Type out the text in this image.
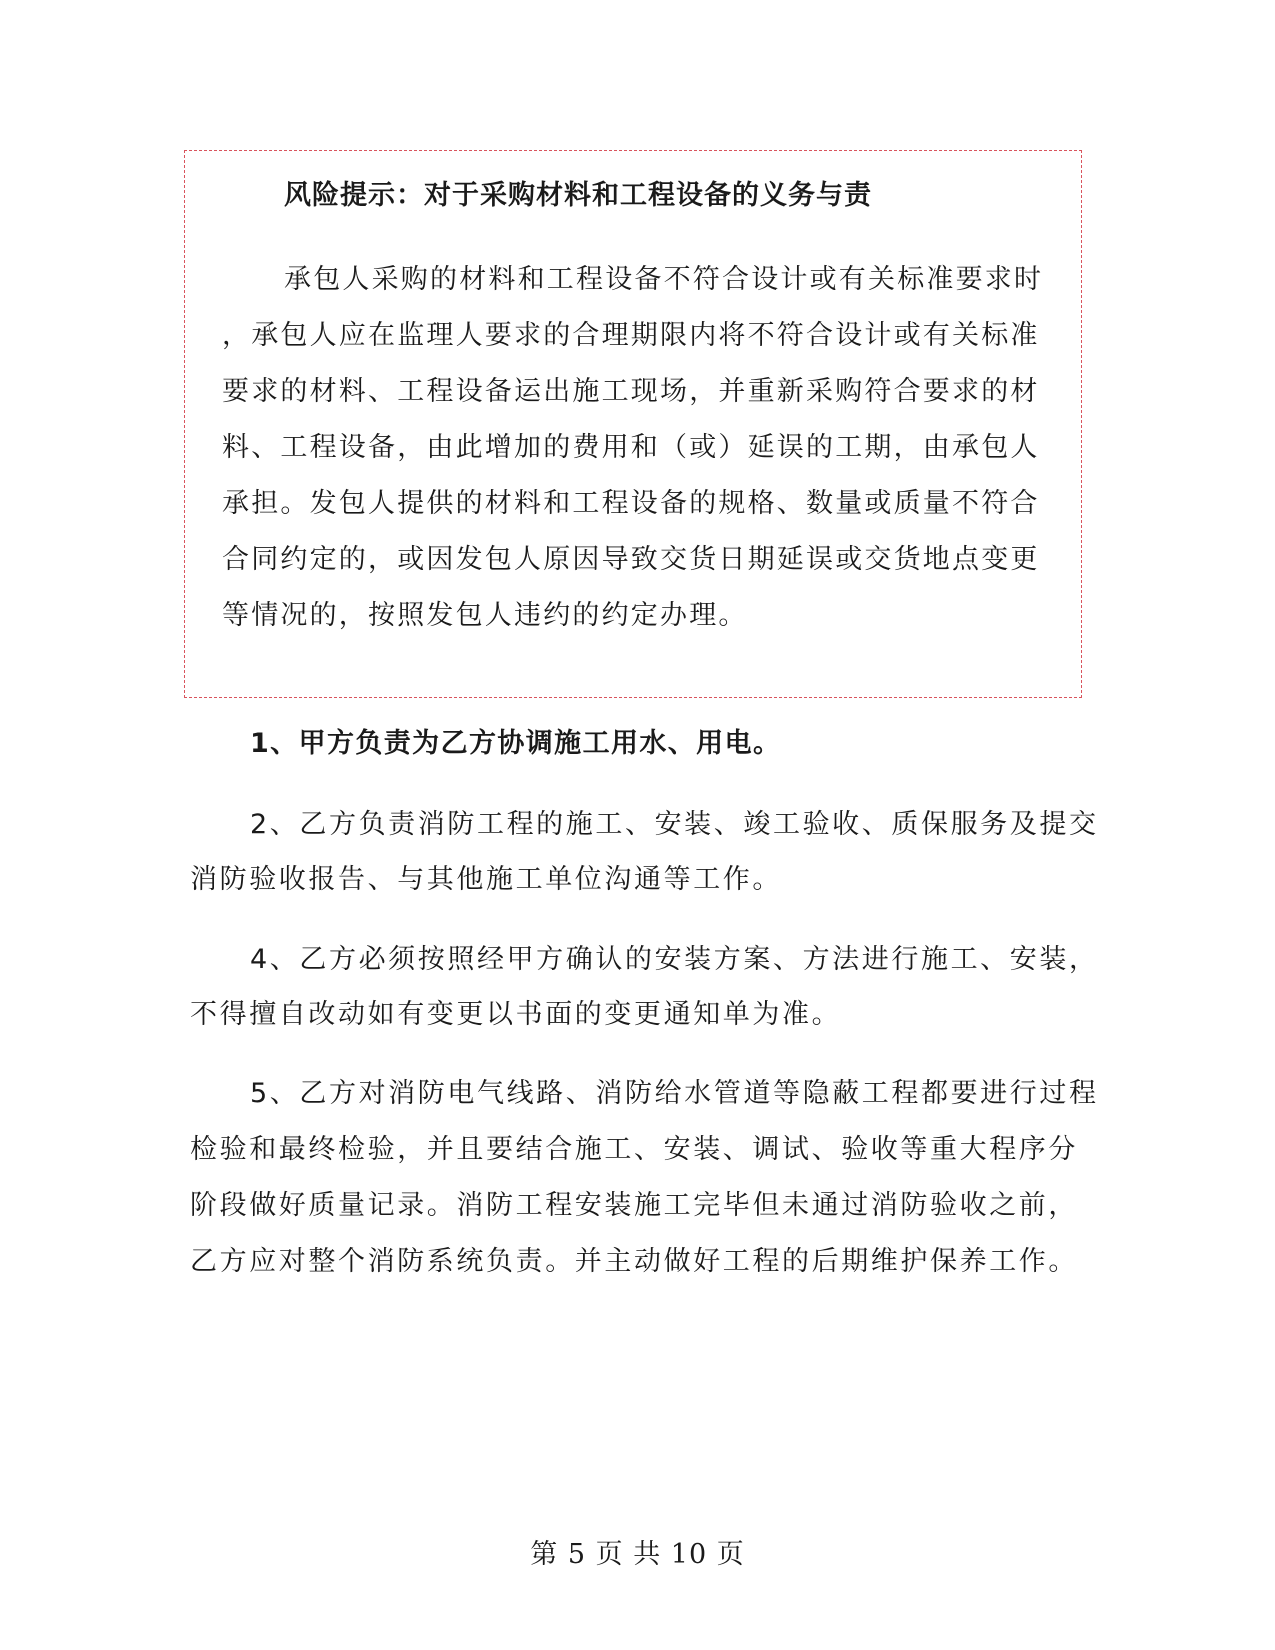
风险提示：对于采购材料和工程设备的义务与责
承包人采购的材料和工程设备不符合设计或有关标准要求时
，承包人应在监理人要求的合理期限内将不符合设计或有关标准
要求的材料、工程设备运出施工现场，并重新采购符合要求的材
料、工程设备，由此增加的费用和（或）延误的工期，由承包人
承担。发包人提供的材料和工程设备的规格、数量或质量不符合
合同约定的，或因发包人原因导致交货日期延误或交货地点变更
等情况的，按照发包人违约的约定办理。
1、甲方负责为乙方协调施工用水、用电。
2、乙方负责消防工程的施工、安装、竣工验收、质保服务及提交
消防验收报告、与其他施工单位沟通等工作。
4、乙方必须按照经甲方确认的安装方案、方法进行施工、安装，
不得擅自改动如有变更以书面的变更通知单为准。
5、乙方对消防电气线路、消防给水管道等隐蔽工程都要进行过程
检验和最终检验，并且要结合施工、安装、调试、验收等重大程序分
阶段做好质量记录。消防工程安装施工完毕但未通过消防验收之前，
乙方应对整个消防系统负责。并主动做好工程的后期维护保养工作。
第 5 页 共 10 页
